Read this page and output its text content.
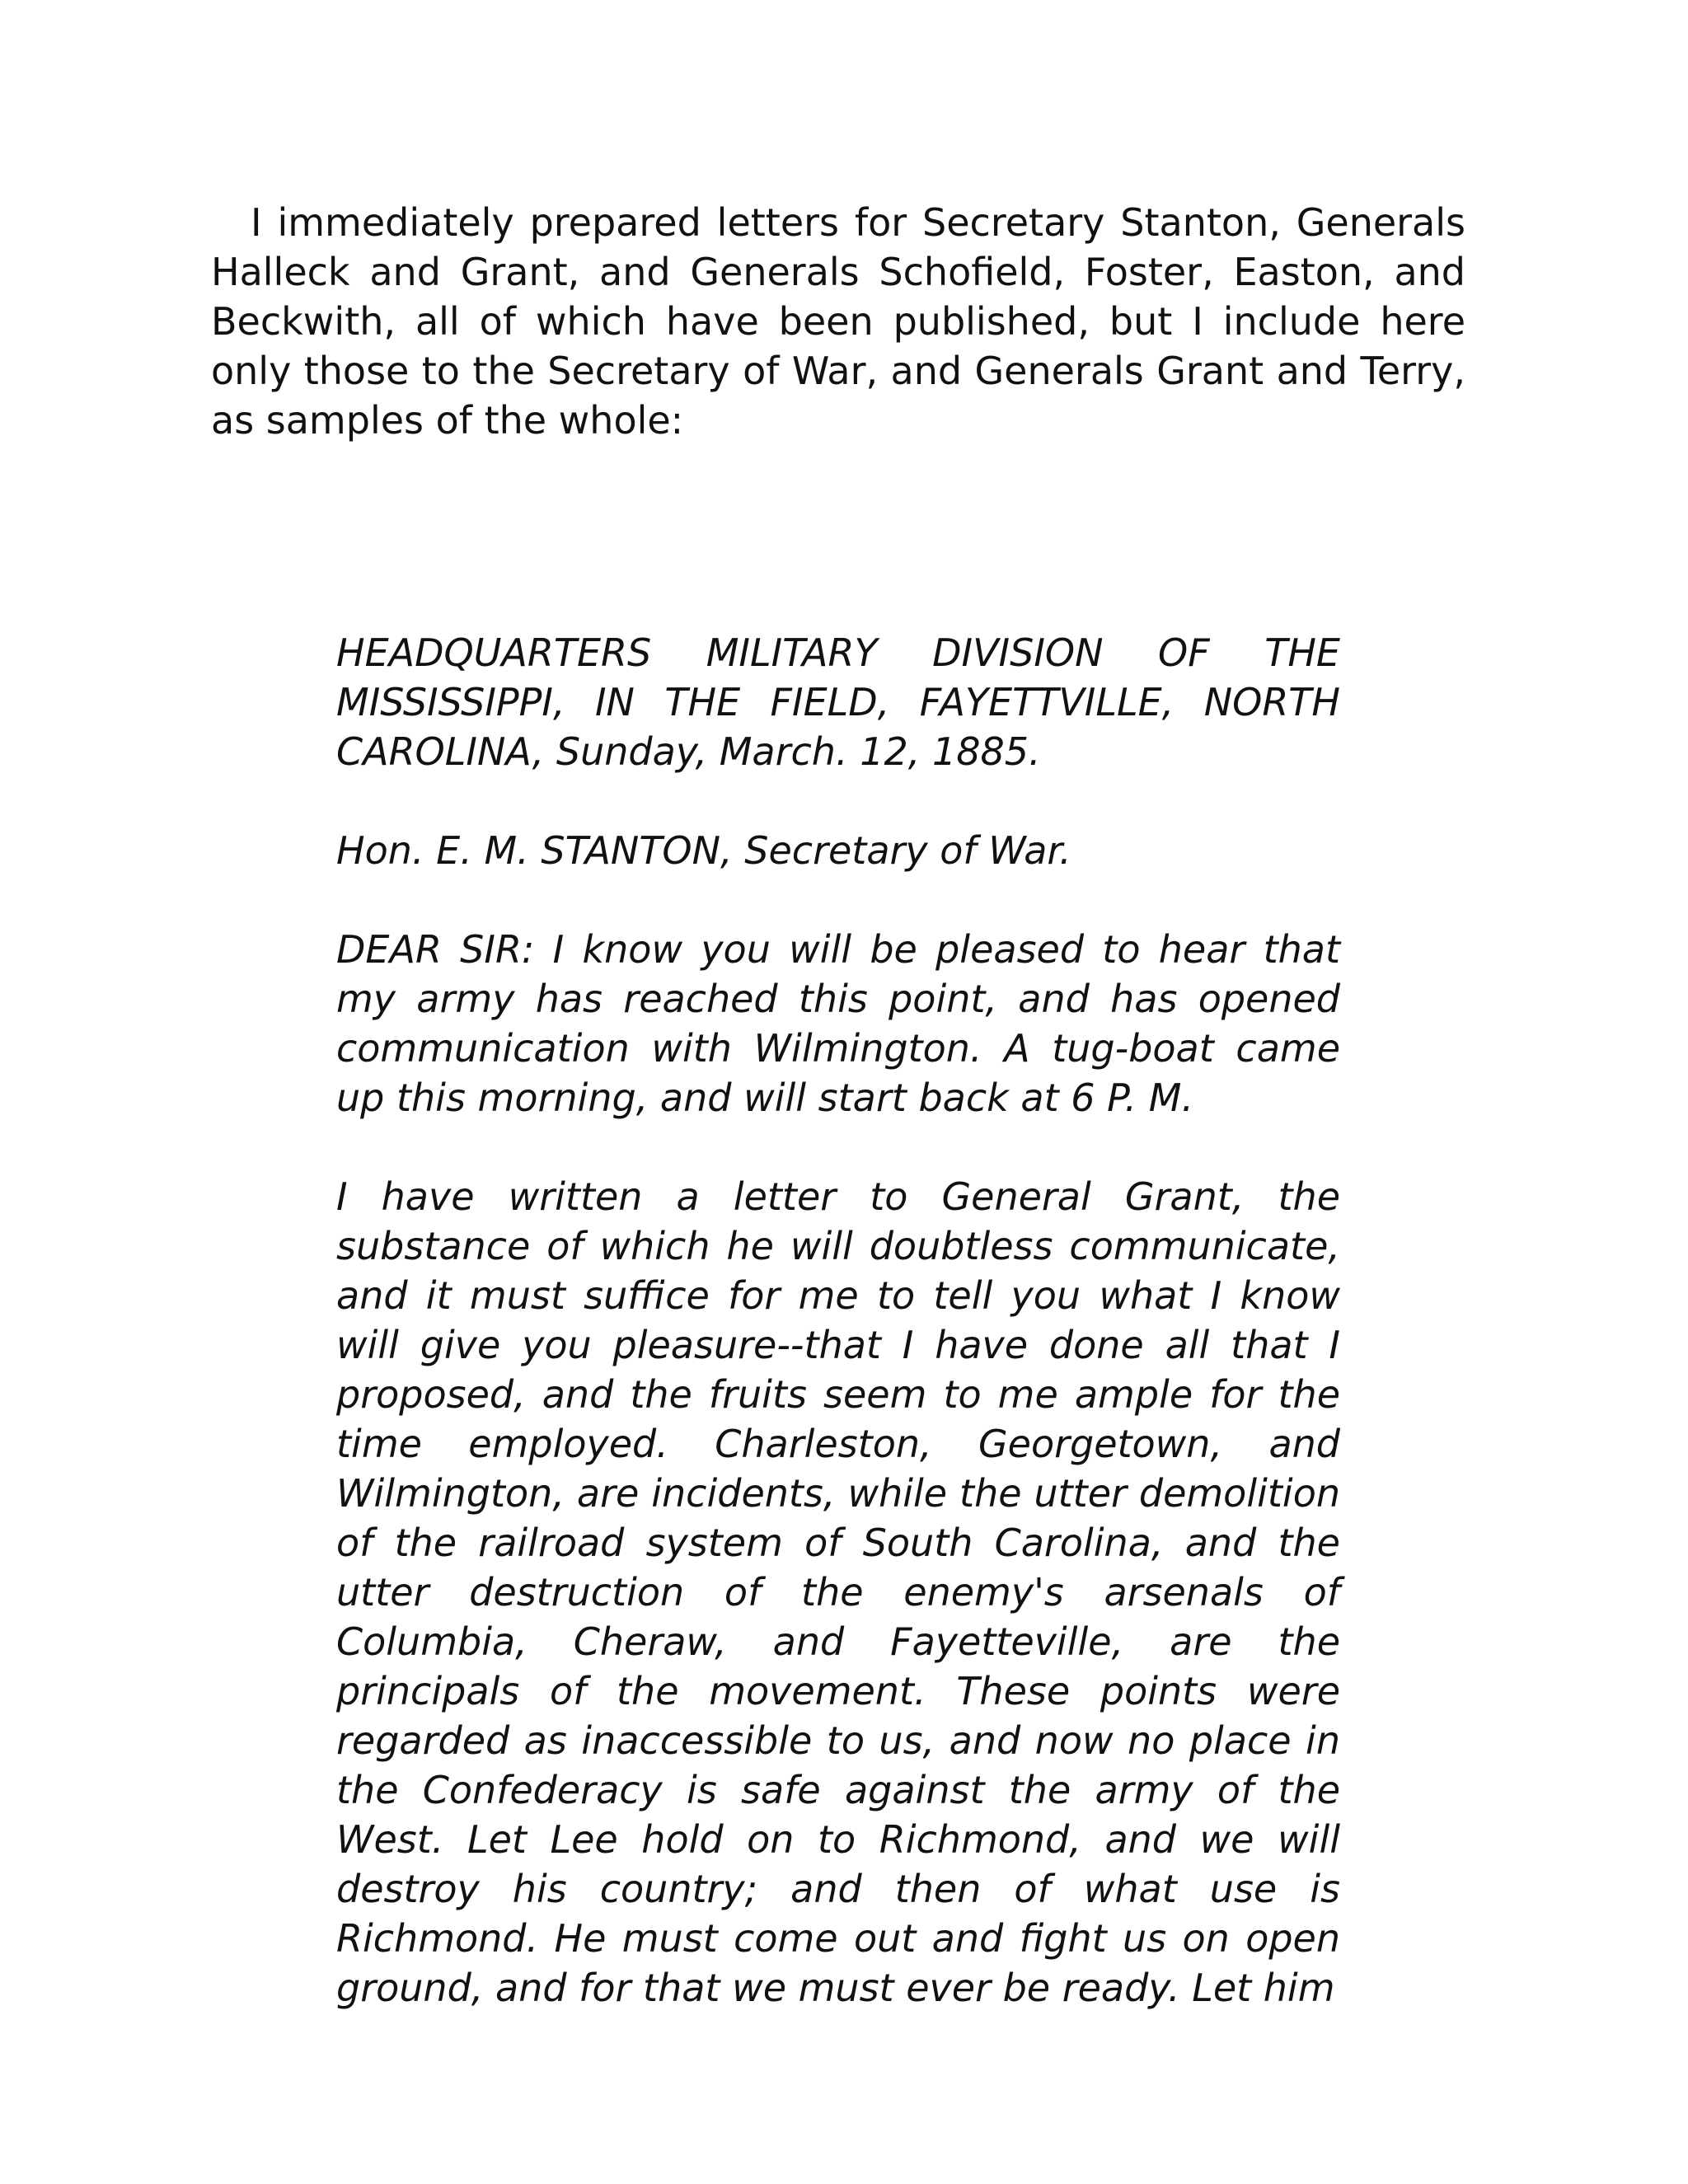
I immediately prepared letters for Secretary Stanton, Generals Halleck and Grant, and Generals Schofield, Foster, Easton, and Beckwith, all of which have been published, but I include here only those to the Secretary of War, and Generals Grant and Terry, as samples of the whole:

HEADQUARTERS MILITARY DIVISION OF THE MISSISSIPPI, IN THE FIELD, FAYETTVILLE, NORTH CAROLINA, Sunday, March. 12, 1885.

Hon. E. M. STANTON, Secretary of War.

DEAR SIR: I know you will be pleased to hear that my army has reached this point, and has opened communication with Wilmington. A tug-boat came up this morning, and will start back at 6 P. M.

I have written a letter to General Grant, the substance of which he will doubtless communicate, and it must suffice for me to tell you what I know will give you pleasure--that I have done all that I proposed, and the fruits seem to me ample for the time employed. Charleston, Georgetown, and Wilmington, are incidents, while the utter demolition of the railroad system of South Carolina, and the utter destruction of the enemy's arsenals of Columbia, Cheraw, and Fayetteville, are the principals of the movement. These points were regarded as inaccessible to us, and now no place in the Confederacy is safe against the army of the West. Let Lee hold on to Richmond, and we will destroy his country; and then of what use is Richmond. He must come out and fight us on open ground, and for that we must ever be ready. Let him
